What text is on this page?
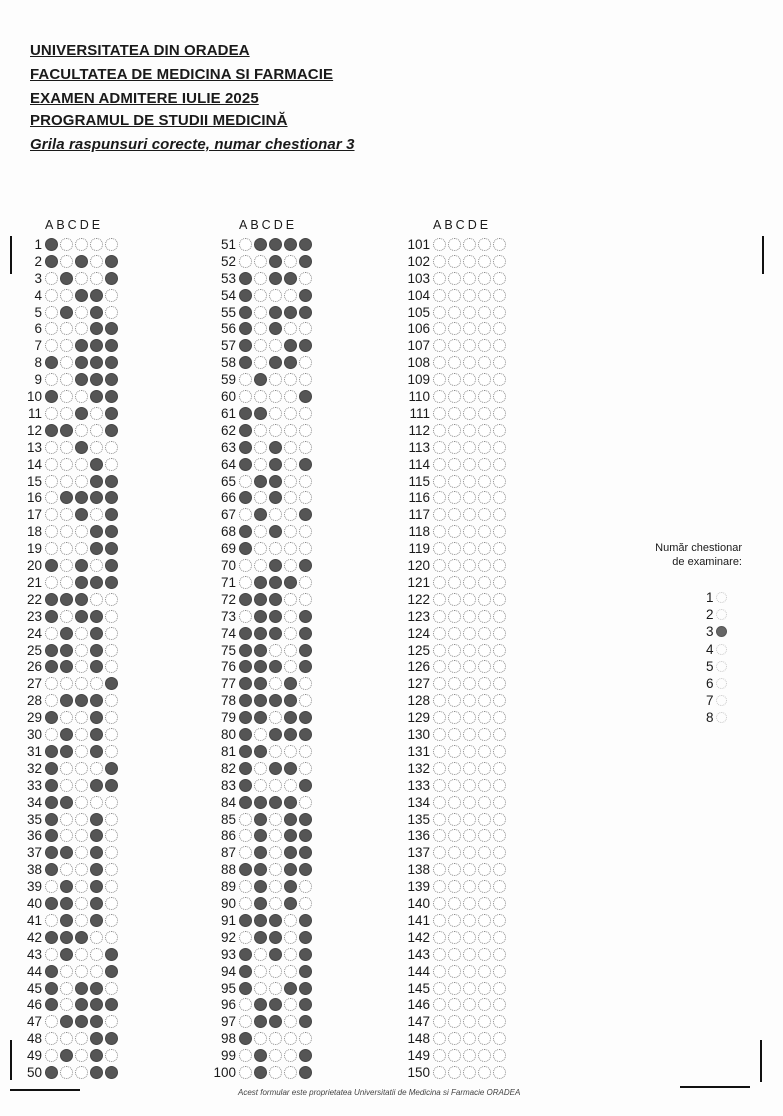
UNIVERSITATEA DIN ORADEA
FACULTATEA DE MEDICINA SI FARMACIE
EXAMEN ADMITERE IULIE 2025
PROGRAMUL DE STUDII MEDICINĂ
Grila raspunsuri corecte, numar chestionar 3
ABCDE
1
2
3
4
5
6
7
8
9
10
11
12
13
14
15
16
17
18
19
20
21
22
23
24
25
26
27
28
29
30
31
32
33
34
35
36
37
38
39
40
41
42
43
44
45
46
47
48
49
50
ABCDE
51
52
53
54
55
56
57
58
59
60
61
62
63
64
65
66
67
68
69
70
71
72
73
74
75
76
77
78
79
80
81
82
83
84
85
86
87
88
89
90
91
92
93
94
95
96
97
98
99
100
ABCDE
101
102
103
104
105
106
107
108
109
110
111
112
113
114
115
116
117
118
119
120
121
122
123
124
125
126
127
128
129
130
131
132
133
134
135
136
137
138
139
140
141
142
143
144
145
146
147
148
149
150
Număr chestionar
de examinare:
1
2
3
4
5
6
7
8
Acest formular este proprietatea Universitatii de Medicina si Farmacie ORADEA
